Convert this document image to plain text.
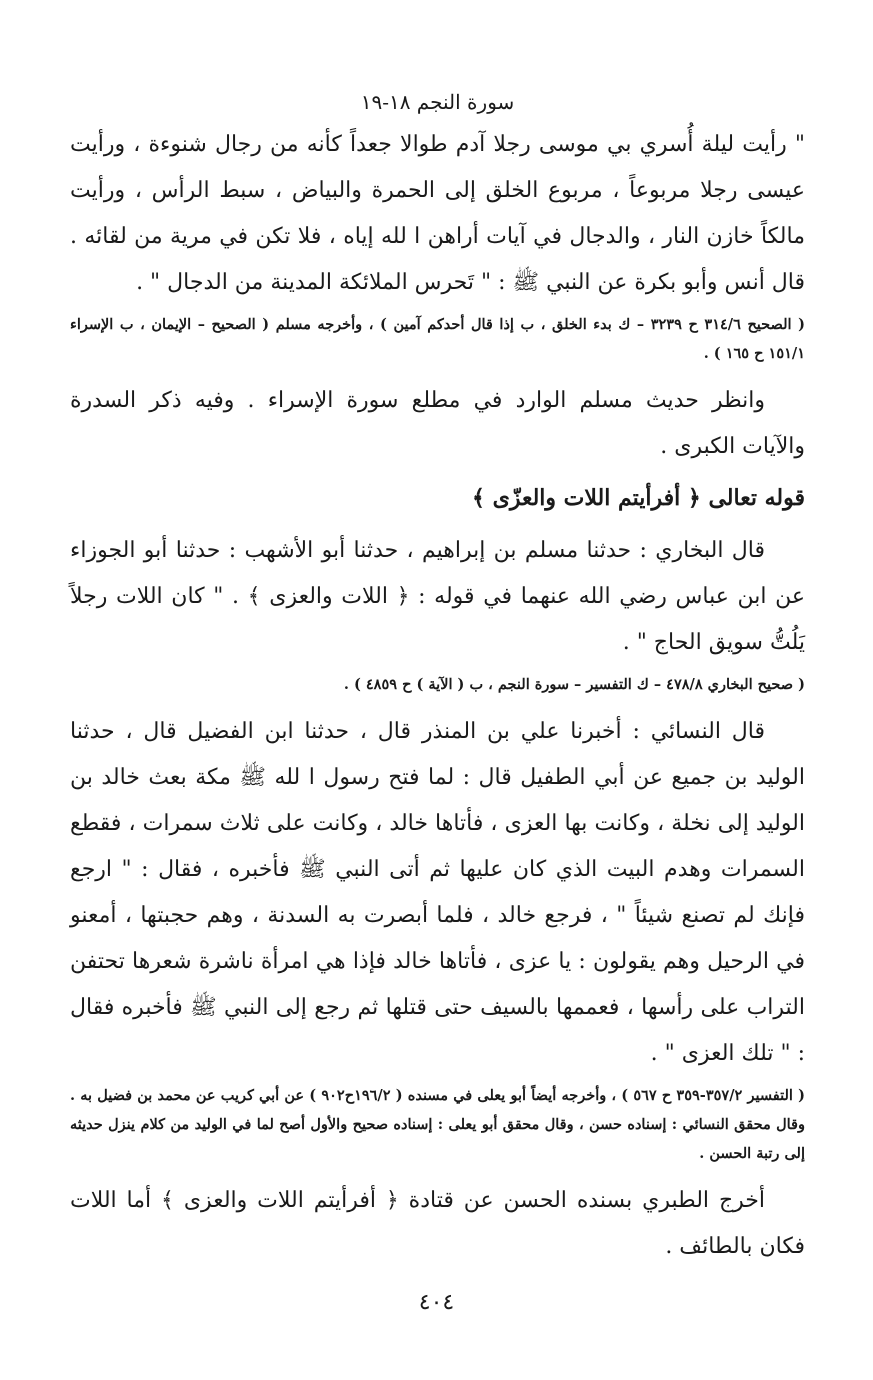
سورة النجم ١٨-١٩

" رأيت ليلة أُسري بي موسى رجلا آدم طوالا جعداً كأنه من رجال شنوءة ، ورأيت عيسى رجلا مربوعاً ، مربوع الخلق إلى الحمرة والبياض ، سبط الرأس ، ورأيت مالكاً خازن النار ، والدجال في آيات أراهن ا لله إياه ، فلا تكن في مرية من لقائه . قال أنس وأبو بكرة عن النبي ﷺ : " تَحرس الملائكة المدينة من الدجال " .

( الصحيح ٣١٤/٦ ح ٣٢٣٩ – ك بدء الخلق ، ب إذا قال أحدكم آمين ) ، وأخرجه مسلم ( الصحيح – الإيمان ، ب الإسراء ١٥١/١ ح ١٦٥ ) .

وانظر حديث مسلم الوارد في مطلع سورة الإسراء . وفيه ذكر السدرة والآيات الكبرى .

قوله تعالى ﴿ أفرأيتم اللات والعزّى ﴾

قال البخاري : حدثنا مسلم بن إبراهيم ، حدثنا أبو الأشهب : حدثنا أبو الجوزاء عن ابن عباس رضي الله عنهما في قوله : ﴿ اللات والعزى ﴾ . " كان اللات رجلاً يَلُتُّ سويق الحاج " .

( صحيح البخاري ٤٧٨/٨ – ك التفسير – سورة النجم ، ب ( الآية ) ح ٤٨٥٩ ) .

قال النسائي : أخبرنا علي بن المنذر قال ، حدثنا ابن الفضيل قال ، حدثنا الوليد بن جميع عن أبي الطفيل قال : لما فتح رسول ا لله ﷺ مكة بعث خالد بن الوليد إلى نخلة ، وكانت بها العزى ، فأتاها خالد ، وكانت على ثلاث سمرات ، فقطع السمرات وهدم البيت الذي كان عليها ثم أتى النبي ﷺ فأخبره ، فقال : " ارجع فإنك لم تصنع شيئاً " ، فرجع خالد ، فلما أبصرت به السدنة ، وهم حجبتها ، أمعنو في الرحيل وهم يقولون : يا عزى ، فأتاها خالد فإذا هي امرأة ناشرة شعرها تحتفن التراب على رأسها ، فعممها بالسيف حتى قتلها ثم رجع إلى النبي ﷺ فأخبره فقال : " تلك العزى " .

( التفسير ٣٥٧/٢-٣٥٩ ح ٥٦٧ ) ، وأخرجه أيضاً أبو يعلى في مسنده ( ١٩٦/٢ح٩٠٢ ) عن أبي كريب عن محمد بن فضيل به . وقال محقق النسائي : إسناده حسن ، وقال محقق أبو يعلى : إسناده صحيح والأول أصح لما في الوليد من كلام ينزل حديثه إلى رتبة الحسن .

أخرج الطبري بسنده الحسن عن قتادة ﴿ أفرأيتم اللات والعزى ﴾ أما اللات فكان بالطائف .

٤٠٤
